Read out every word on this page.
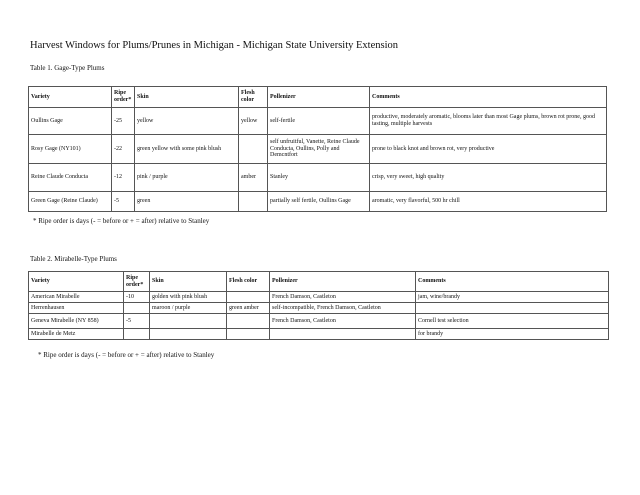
Harvest Windows for Plums/Prunes in Michigan - Michigan State University Extension
Table 1. Gage-Type Plums
Variety	Ripe order*	Skin	Flesh color	Pollenizer	Comments
Oullins Gage	-25	yellow	yellow	self-fertile	productive, moderately aromatic, blooms later than most Gage plums, brown rot prone, good tasting, multiple harvests
Rosy Gage (NY101)	-22	green yellow with some pink blush		self unfruitful, Vanette, Reine Claude Conducta, Oullins, Polly and Demcntfort	prone to black knot and brown rot, very productive
Reine Claude Conducta	-12	pink / purple	amber	Stanley	crisp, very sweet, high quality
Green Gage (Reine Claude)	-5	green		partially self fertile, Oullins Gage	aromatic, very flavorful, 500 hr chill
* Ripe order is days (- = before or + = after) relative to Stanley
Table 2. Mirabelle-Type Plums
Variety	Ripe order*	Skin	Flesh color	Pollenizer	Comments
American Mirabelle	-10	golden with pink blush		French Damson, Castleton	jam, wine/brandy
Herrenhausen		maroon / purple	green amber	self-incompatible, French Damson, Castleton	
Geneva Mirabelle (NY 858)	-5			French Damson, Castleton	Cornell test selection
Mirabelle de Metz					for brandy
* Ripe order is days (- = before or + = after) relative to Stanley
